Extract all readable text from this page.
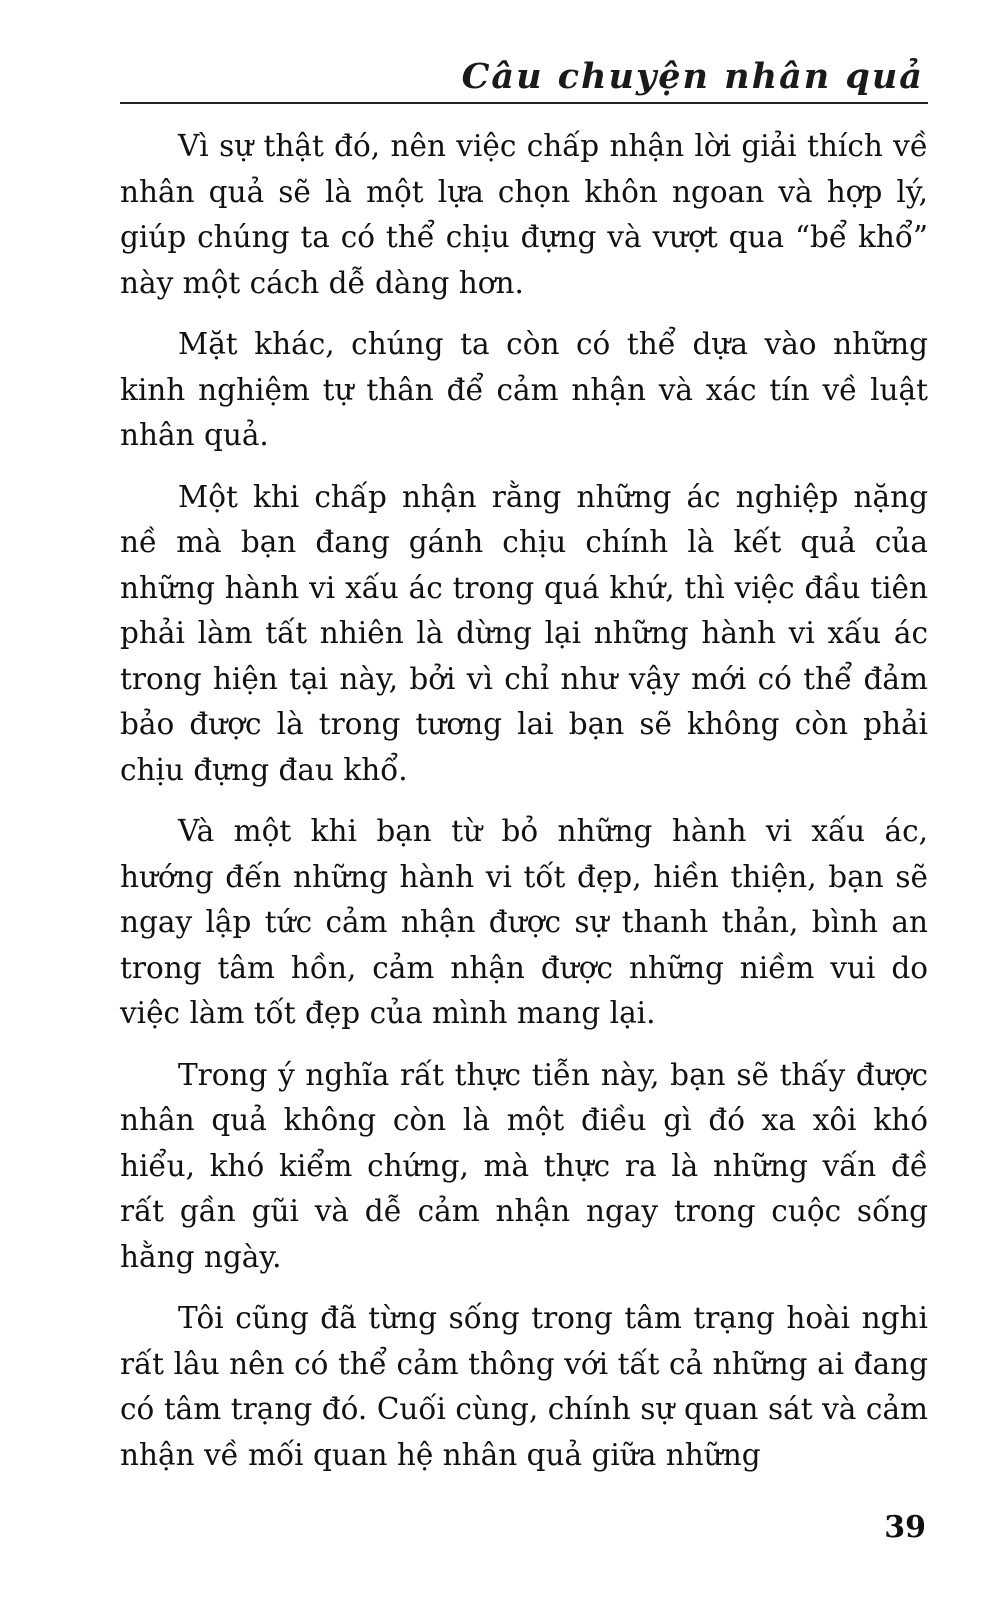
Câu chuyện nhân quả

Vì sự thật đó, nên việc chấp nhận lời giải thích về nhân quả sẽ là một lựa chọn khôn ngoan và hợp lý, giúp chúng ta có thể chịu đựng và vượt qua “bể khổ” này một cách dễ dàng hơn.

Mặt khác, chúng ta còn có thể dựa vào những kinh nghiệm tự thân để cảm nhận và xác tín về luật nhân quả.

Một khi chấp nhận rằng những ác nghiệp nặng nề mà bạn đang gánh chịu chính là kết quả của những hành vi xấu ác trong quá khứ, thì việc đầu tiên phải làm tất nhiên là dừng lại những hành vi xấu ác trong hiện tại này, bởi vì chỉ như vậy mới có thể đảm bảo được là trong tương lai bạn sẽ không còn phải chịu đựng đau khổ.

Và một khi bạn từ bỏ những hành vi xấu ác, hướng đến những hành vi tốt đẹp, hiền thiện, bạn sẽ ngay lập tức cảm nhận được sự thanh thản, bình an trong tâm hồn, cảm nhận được những niềm vui do việc làm tốt đẹp của mình mang lại.

Trong ý nghĩa rất thực tiễn này, bạn sẽ thấy được nhân quả không còn là một điều gì đó xa xôi khó hiểu, khó kiểm chứng, mà thực ra là những vấn đề rất gần gũi và dễ cảm nhận ngay trong cuộc sống hằng ngày.

Tôi cũng đã từng sống trong tâm trạng hoài nghi rất lâu nên có thể cảm thông với tất cả những ai đang có tâm trạng đó. Cuối cùng, chính sự quan sát và cảm nhận về mối quan hệ nhân quả giữa những

39
